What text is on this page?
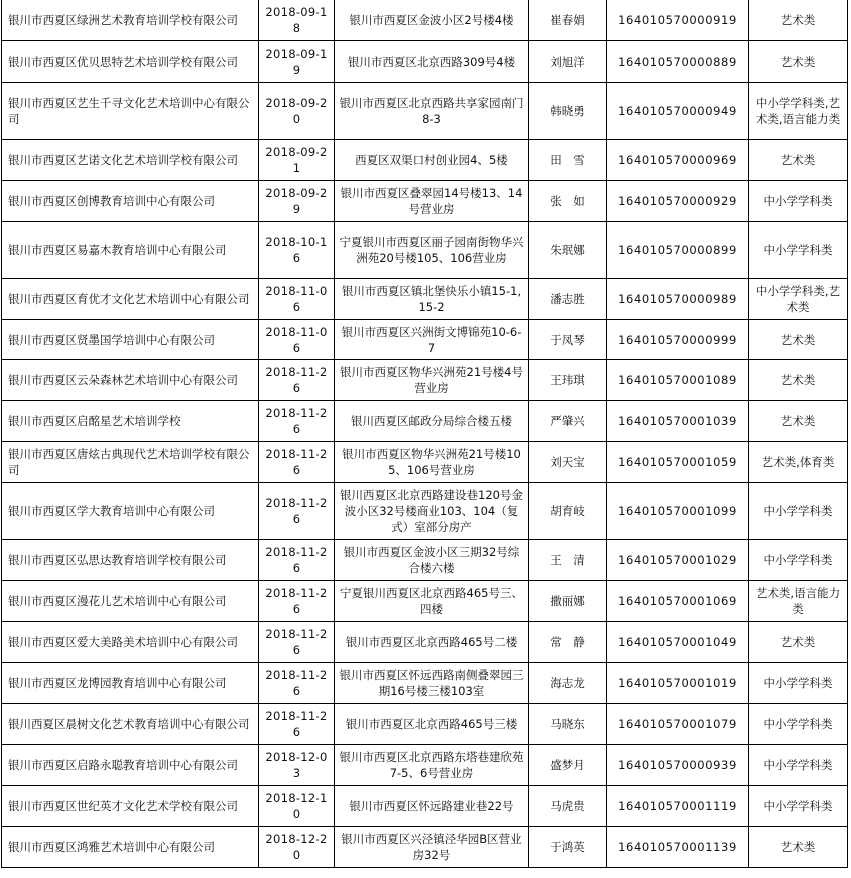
银川市西夏区绿洲艺术教育培训学校有限公司	2018-09-18	银川市西夏区金波小区2号楼4楼	崔春娟	164010570000919	艺术类
银川市西夏区优贝思特艺术培训学校有限公司	2018-09-19	银川市西夏区北京西路309号4楼	刘旭洋	164010570000889	艺术类
银川市西夏区艺生千寻文化艺术培训中心有限公司	2018-09-20	银川市西夏区北京西路共享家园南门8-3	韩晓勇	164010570000949	中小学学科类,艺术类,语言能力类
银川市西夏区艺诺文化艺术培训学校有限公司	2018-09-21	西夏区双渠口村创业园4、5楼	田　雪	164010570000969	艺术类
银川市西夏区创博教育培训中心有限公司	2018-09-29	银川市西夏区叠翠园14号楼13、14号营业房	张　如	164010570000929	中小学学科类
银川市西夏区易嘉木教育培训中心有限公司	2018-10-16	宁夏银川市西夏区丽子园南街物华兴洲苑20号楼105、106营业房	朱珉娜	164010570000899	中小学学科类
银川市西夏区育优才文化艺术培训中心有限公司	2018-11-06	银川市西夏区镇北堡快乐小镇15-1,15-2	潘志胜	164010570000989	中小学学科类,艺术类
银川市西夏区贤墨国学培训中心有限公司	2018-11-06	银川市西夏区兴洲街文博锦苑10-6-7	于凤琴	164010570000999	艺术类
银川市西夏区云朵森林艺术培训中心有限公司	2018-11-26	银川市西夏区物华兴洲苑21号楼4号营业房	王玮琪	164010570001089	艺术类
银川市西夏区启酩星艺术培训学校	2018-11-26	银川西夏区邮政分局综合楼五楼	严肇兴	164010570001039	艺术类
银川市西夏区唐炫古典现代艺术培训学校有限公司	2018-11-26	银川市西夏区物华兴洲苑21号楼105、106号营业房	刘天宝	164010570001059	艺术类,体育类
银川市西夏区学大教育培训中心有限公司	2018-11-26	银川西夏区北京西路建设巷120号金波小区32号楼商业103、104（复式）室部分房产	胡育岐	164010570001099	中小学学科类
银川市西夏区弘思达教育培训学校有限公司	2018-11-26	银川市西夏区金波小区三期32号综合楼六楼	王　清	164010570001029	中小学学科类
银川市西夏区漫花儿艺术培训中心有限公司	2018-11-26	宁夏银川西夏区北京西路465号三、四楼	撒丽娜	164010570001069	艺术类,语言能力类
银川市西夏区爱大美路美术培训中心有限公司	2018-11-26	银川市西夏区北京西路465号二楼	常　静	164010570001049	艺术类
银川市西夏区龙博园教育培训中心有限公司	2018-11-26	银川市西夏区怀远西路南侧叠翠园三期16号楼三楼103室	海志龙	164010570001019	中小学学科类
银川西夏区晨树文化艺术教育培训中心有限公司	2018-11-26	银川市西夏区北京西路465号三楼	马晓东	164010570001079	中小学学科类
银川市西夏区启路永聪教育培训中心有限公司	2018-12-03	银川市西夏区北京西路东塔巷建欣苑7-5、6号营业房	盛梦月	164010570000939	中小学学科类
银川市西夏区世纪英才文化艺术学校有限公司	2018-12-10	银川市西夏区怀远路建业巷22号	马虎贵	164010570001119	中小学学科类
银川市西夏区鸿雅艺术培训中心有限公司	2018-12-20	银川市西夏区兴泾镇泾华园B区营业房32号	于鸿英	164010570001139	艺术类
